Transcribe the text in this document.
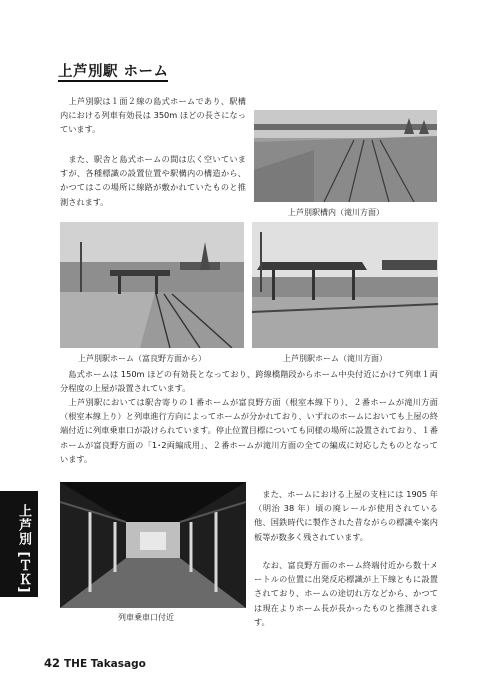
上芦別駅 ホーム

　上芦別駅は１面２線の島式ホームであり、駅構内における列車有効長は 350m ほどの長さになっています。

　また、駅舎と島式ホームの間は広く空いていますが、各種標識の設置位置や駅構内の構造から、かつてはこの場所に線路が敷かれていたものと推測されます。

上芦別駅構内（滝川方面）
上芦別駅ホーム（富良野方面から）	上芦別駅ホーム（滝川方面）

　島式ホームは 150m ほどの有効長となっており、跨線橋階段からホーム中央付近にかけて列車１両分程度の上屋が設置されています。

　上芦別駅においては駅舎寄りの１番ホームが富良野方面（根室本線下り）、２番ホームが滝川方面（根室本線上り）と列車進行方向によってホームが分かれており、いずれのホームにおいても上屋の終端付近に列車乗車口が設けられています。停止位置目標についても同様の場所に設置されており、１番ホームが富良野方面の「1･2両編成用」、２番ホームが滝川方面の全ての編成に対応したものとなっています。

列車乗車口付近

　また、ホームにおける上屋の支柱には 1905 年（明治 38 年）頃の廃レールが使用されている他、国鉄時代に製作された昔ながらの標識や案内板等が数多く残されています。

　なお、富良野方面のホーム終端付近から数十メートルの位置に出発反応標識が上下線ともに設置されており、ホームの途切れ方などから、かつては現在よりホーム長が長かったものと推測されます。

上芦別 [ＴＫ]
42 THE Takasago
